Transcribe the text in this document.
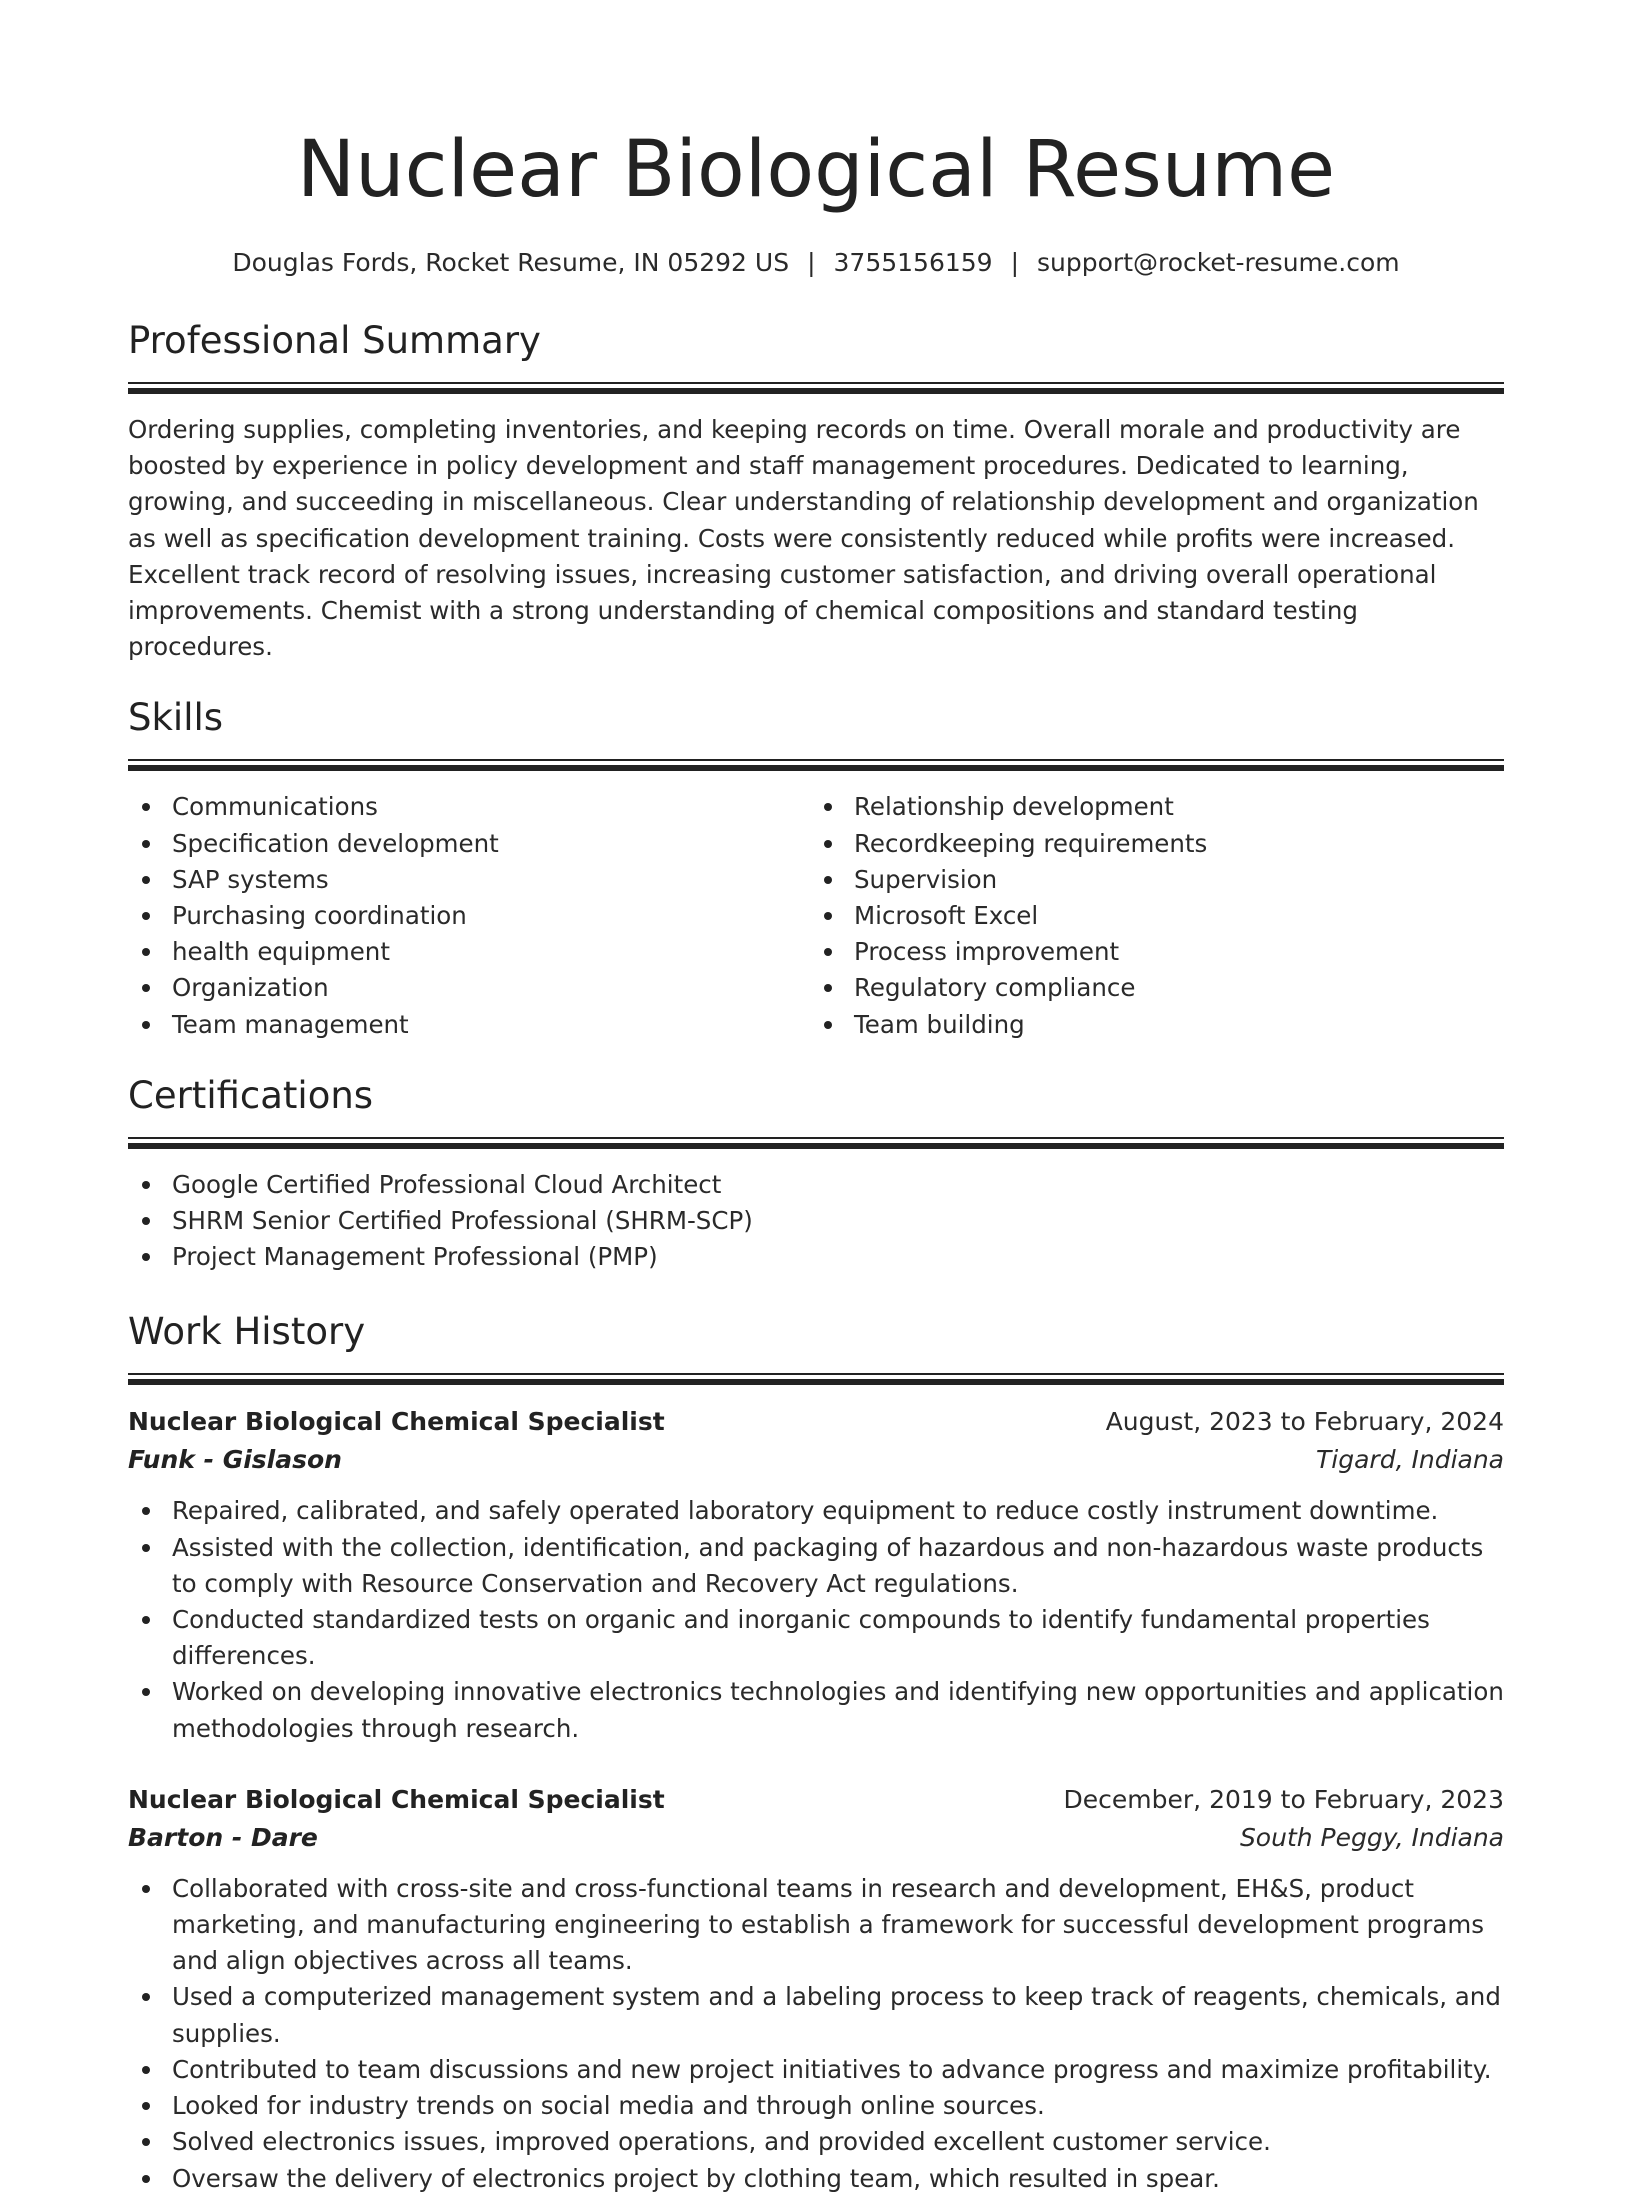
Nuclear Biological Resume
Douglas Fords, Rocket Resume, IN 05292 US | 3755156159 | support@rocket-resume.com
Professional Summary

Ordering supplies, completing inventories, and keeping records on time. Overall morale and productivity are boosted by experience in policy development and staff management procedures. Dedicated to learning, growing, and succeeding in miscellaneous. Clear understanding of relationship development and organization as well as specification development training. Costs were consistently reduced while profits were increased. Excellent track record of resolving issues, increasing customer satisfaction, and driving overall operational improvements. Chemist with a strong understanding of chemical compositions and standard testing procedures.

Skills
Communications
Specification development
SAP systems
Purchasing coordination
health equipment
Organization
Team management
Relationship development
Recordkeeping requirements
Supervision
Microsoft Excel
Process improvement
Regulatory compliance
Team building
Certifications
Google Certified Professional Cloud Architect
SHRM Senior Certified Professional (SHRM-SCP)
Project Management Professional (PMP)
Work History
Nuclear Biological Chemical Specialist	August, 2023 to February, 2024
Funk - Gislason	Tigard, Indiana
Repaired, calibrated, and safely operated laboratory equipment to reduce costly instrument downtime.
Assisted with the collection, identification, and packaging of hazardous and non-hazardous waste products to comply with Resource Conservation and Recovery Act regulations.
Conducted standardized tests on organic and inorganic compounds to identify fundamental properties differences.
Worked on developing innovative electronics technologies and identifying new opportunities and application methodologies through research.
Nuclear Biological Chemical Specialist	December, 2019 to February, 2023
Barton - Dare	South Peggy, Indiana
Collaborated with cross-site and cross-functional teams in research and development, EH&S, product marketing, and manufacturing engineering to establish a framework for successful development programs and align objectives across all teams.
Used a computerized management system and a labeling process to keep track of reagents, chemicals, and supplies.
Contributed to team discussions and new project initiatives to advance progress and maximize profitability.
Looked for industry trends on social media and through online sources.
Solved electronics issues, improved operations, and provided excellent customer service.
Oversaw the delivery of electronics project by clothing team, which resulted in spear.
